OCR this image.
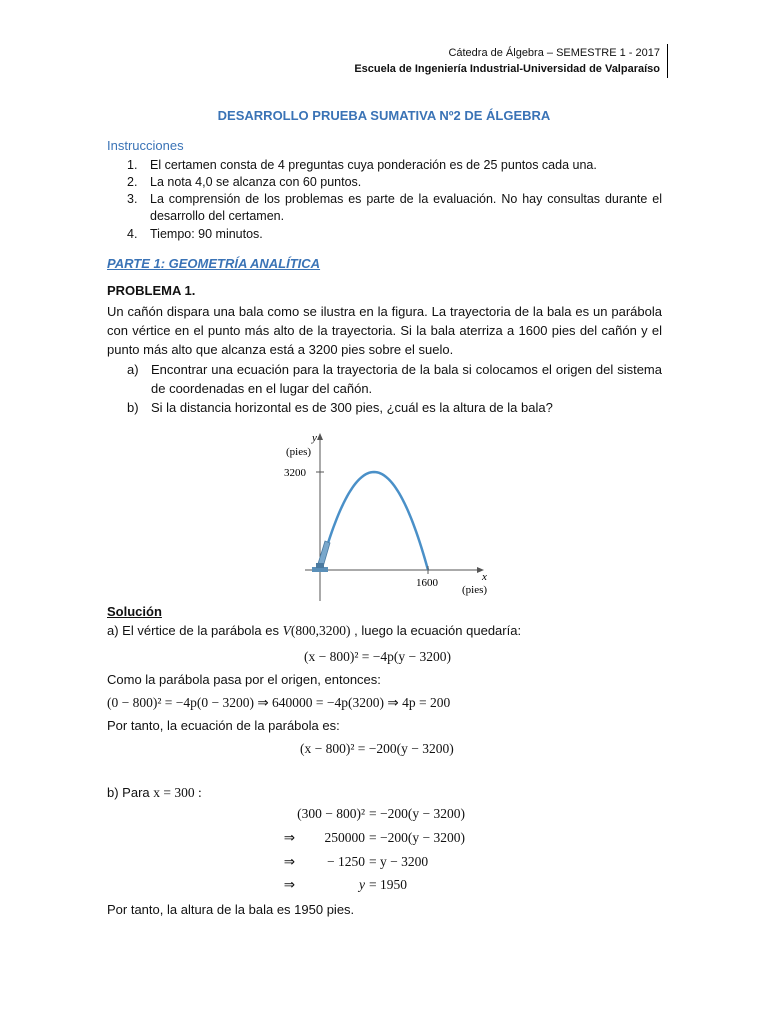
Cátedra de Álgebra – SEMESTRE 1 - 2017
Escuela de Ingeniería Industrial-Universidad de Valparaíso
DESARROLLO PRUEBA SUMATIVA Nº2 DE ÁLGEBRA
Instrucciones
1. El certamen consta de 4 preguntas cuya ponderación es de 25 puntos cada una.
2. La nota 4,0 se alcanza con 60 puntos.
3. La comprensión de los problemas es parte de la evaluación. No hay consultas durante el desarrollo del certamen.
4. Tiempo: 90 minutos.
PARTE 1: GEOMETRÍA ANALÍTICA
PROBLEMA 1.
Un cañón dispara una bala como se ilustra en la figura. La trayectoria de la bala es un parábola con vértice en el punto más alto de la trayectoria. Si la bala aterriza a 1600 pies del cañón y el punto más alto que alcanza está a 3200 pies sobre el suelo.
a) Encontrar una ecuación para la trayectoria de la bala si colocamos el origen del sistema de coordenadas en el lugar del cañón.
b) Si la distancia horizontal es de 300 pies, ¿cuál es la altura de la bala?
y
(pies)
3200
1600	x
(pies)
Solución
a) El vértice de la parábola es V(800,3200) , luego la ecuación quedaría:
(x − 800)² = −4p(y − 3200)
Como la parábola pasa por el origen, entonces:
(0 − 800)² = −4p(0 − 3200) ⇒ 640000 = −4p(3200) ⇒ 4p = 200
Por tanto, la ecuación de la parábola es:
(x − 800)² = −200(y − 3200)
b) Para x = 300 :
(300 − 800)² = −200(y − 3200)
⇒	250000 = −200(y − 3200)
⇒	− 1250 = y − 3200
⇒	y = 1950
Por tanto, la altura de la bala es 1950 pies.
